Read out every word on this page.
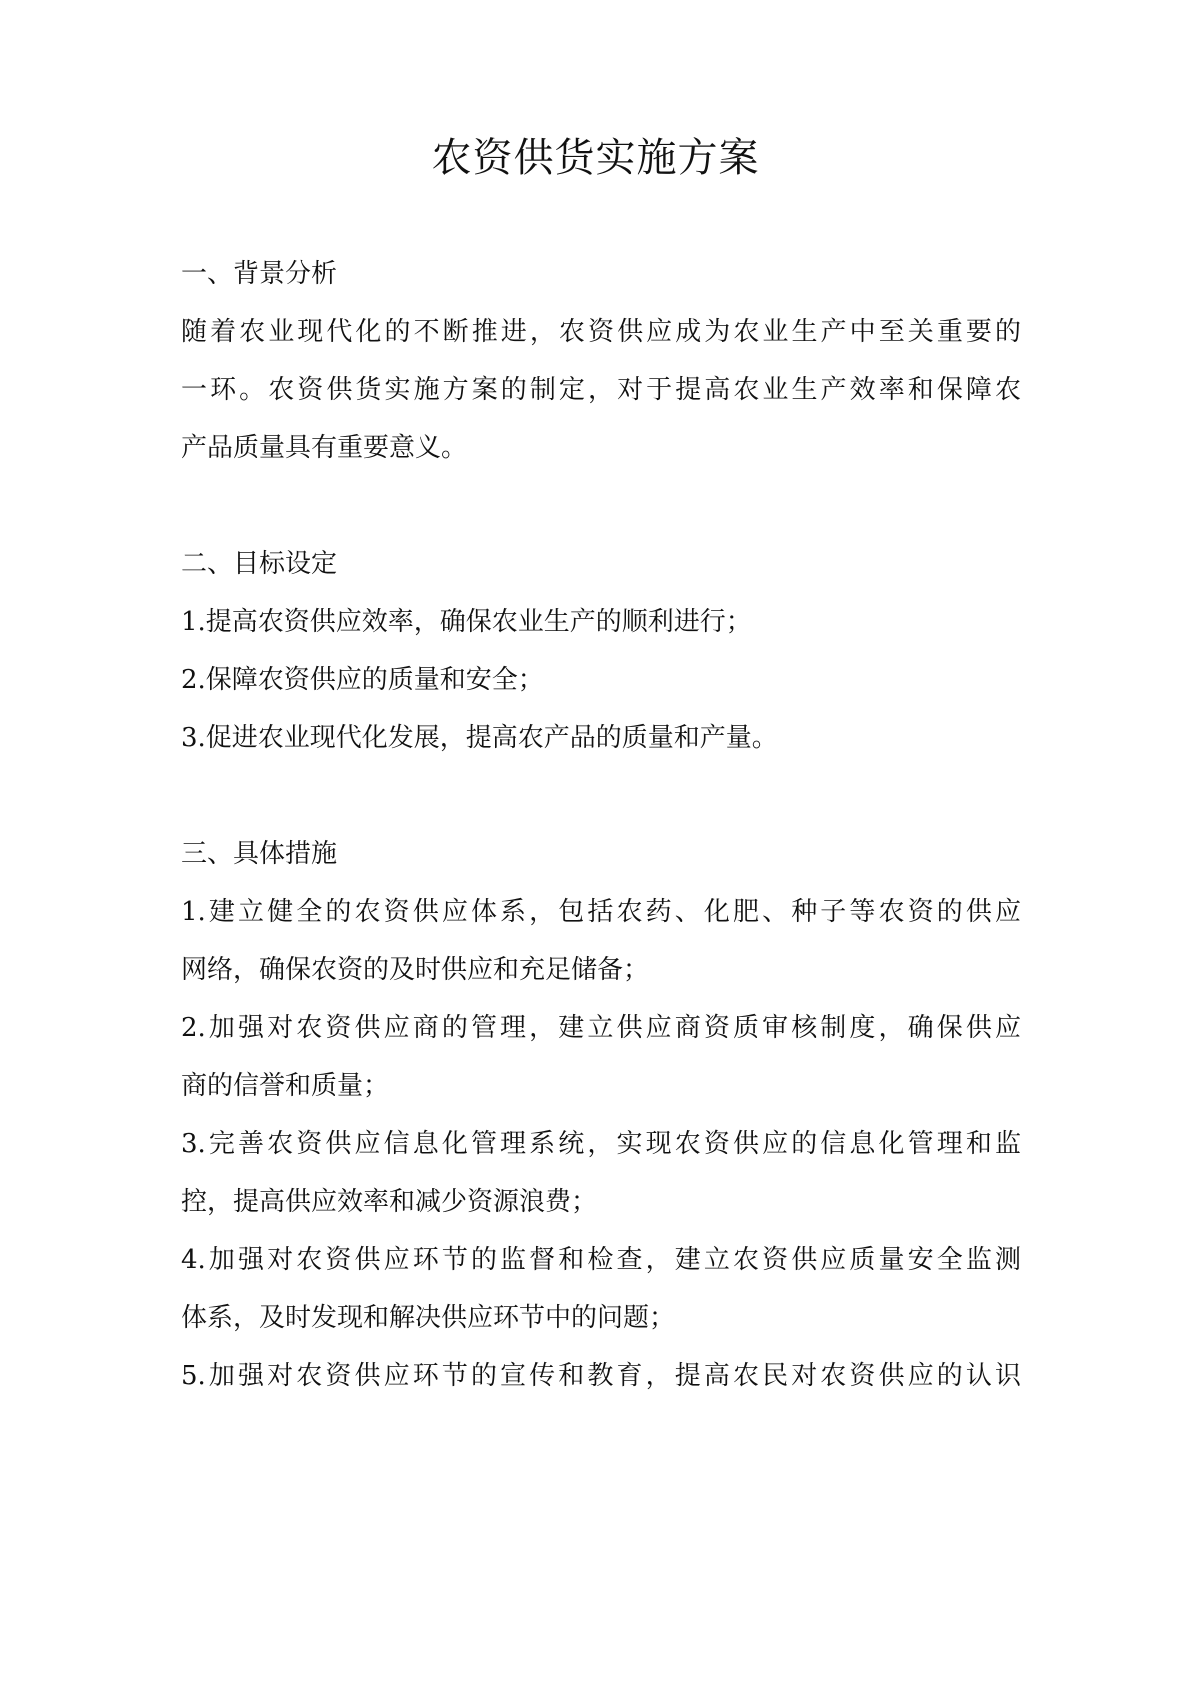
农资供货实施方案

一、背景分析

随着农业现代化的不断推进，农资供应成为农业生产中至关重要的

一环。农资供货实施方案的制定，对于提高农业生产效率和保障农

产品质量具有重要意义。

二、目标设定

1.提高农资供应效率，确保农业生产的顺利进行；

2.保障农资供应的质量和安全；

3.促进农业现代化发展，提高农产品的质量和产量。

三、具体措施

1.建立健全的农资供应体系，包括农药、化肥、种子等农资的供应

网络，确保农资的及时供应和充足储备；

2.加强对农资供应商的管理，建立供应商资质审核制度，确保供应

商的信誉和质量；

3.完善农资供应信息化管理系统，实现农资供应的信息化管理和监

控，提高供应效率和减少资源浪费；

4.加强对农资供应环节的监督和检查，建立农资供应质量安全监测

体系，及时发现和解决供应环节中的问题；

5.加强对农资供应环节的宣传和教育，提高农民对农资供应的认识
